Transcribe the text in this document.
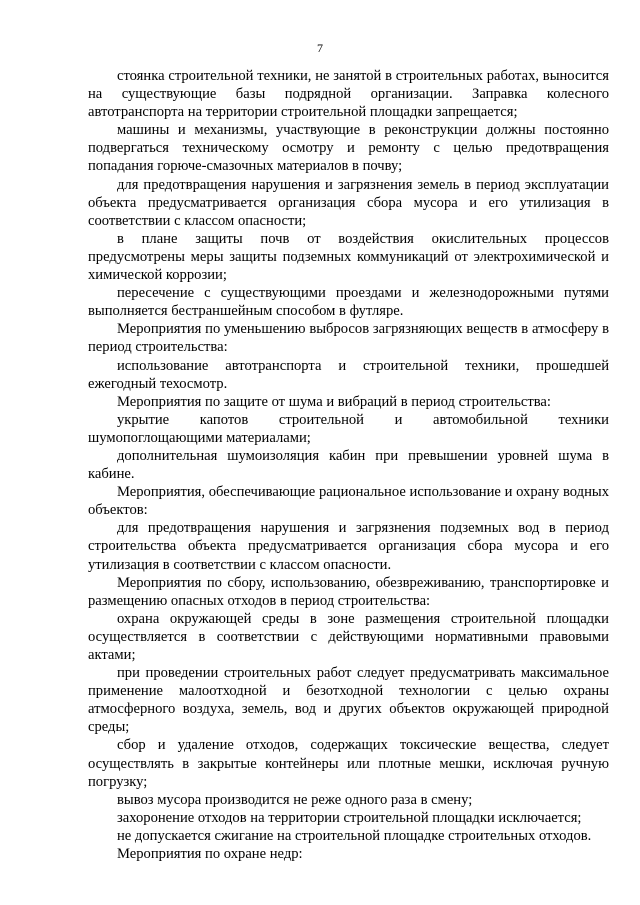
7

стоянка строительной техники, не занятой в строительных работах, выносится на существующие базы подрядной организации. Заправка колесного автотранспорта на территории строительной площадки запрещается;

машины и механизмы, участвующие в реконструкции должны постоянно подвергаться техническому осмотру и ремонту с целью предотвращения попадания горюче-смазочных материалов в почву;

для предотвращения нарушения и загрязнения земель в период эксплуатации объекта предусматривается организация сбора мусора и его утилизация в соответствии с классом опасности;

в плане защиты почв от воздействия окислительных процессов предусмотрены меры защиты подземных коммуникаций от электрохимической и химической коррозии;

пересечение с существующими проездами и железнодорожными путями выполняется бестраншейным способом в футляре.

Мероприятия по уменьшению выбросов загрязняющих веществ в атмосферу в период строительства:

использование автотранспорта и строительной техники, прошедшей ежегодный техосмотр.

Мероприятия по защите от шума и вибраций в период строительства:

укрытие капотов строительной и автомобильной техники шумопоглощающими материалами;

дополнительная шумоизоляция кабин при превышении уровней шума в кабине.

Мероприятия, обеспечивающие рациональное использование и охрану водных объектов:

для предотвращения нарушения и загрязнения подземных вод в период строительства объекта предусматривается организация сбора мусора и его утилизация в соответствии с классом опасности.

Мероприятия по сбору, использованию, обезвреживанию, транспортировке и размещению опасных отходов в период строительства:

охрана окружающей среды в зоне размещения строительной площадки осуществляется в соответствии с действующими нормативными правовыми актами;

при проведении строительных работ следует предусматривать максимальное применение малоотходной и безотходной технологии с целью охраны атмосферного воздуха, земель, вод и других объектов окружающей природной среды;

сбор и удаление отходов, содержащих токсические вещества, следует осуществлять в закрытые контейнеры или плотные мешки, исключая ручную погрузку;

вывоз мусора производится не реже одного раза в смену;

захоронение отходов на территории строительной площадки исключается;

не допускается сжигание на строительной площадке строительных отходов.

Мероприятия по охране недр:
